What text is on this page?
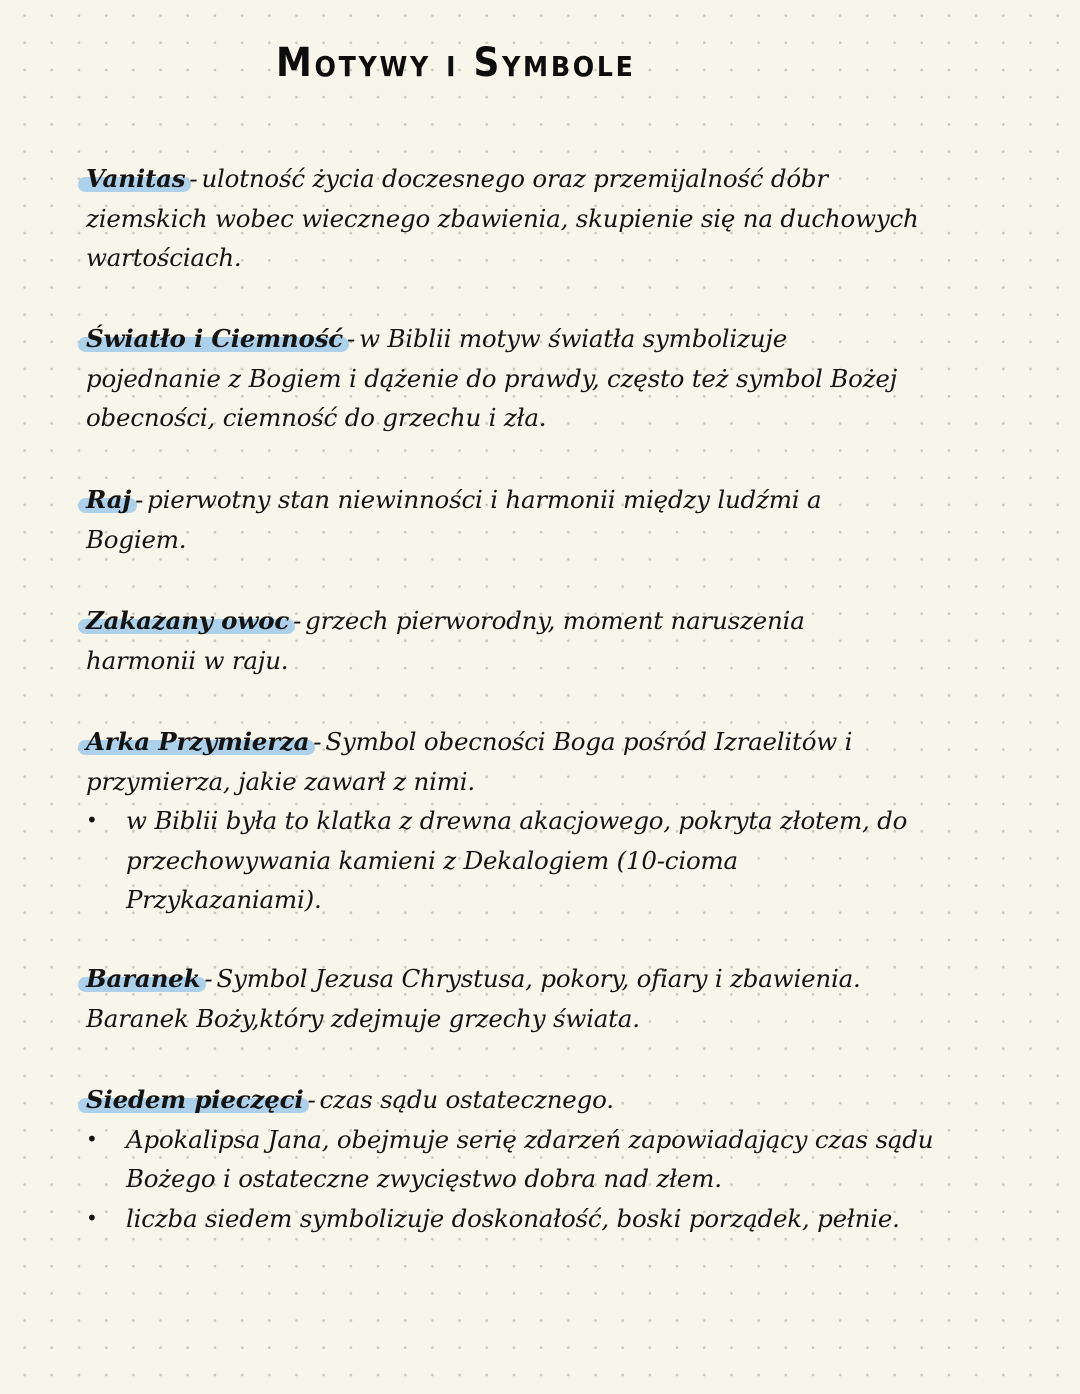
Motywy i Symbole
Vanitas - ulotność życia doczesnego oraz przemijalność dóbr
ziemskich wobec wiecznego zbawienia, skupienie się na duchowych
wartościach.
Światło i Ciemność - w Biblii motyw światła symbolizuje
pojednanie z Bogiem i dążenie do prawdy, często też symbol Bożej
obecności, ciemność do grzechu i zła.
Raj - pierwotny stan niewinności i harmonii między ludźmi a
Bogiem.
Zakazany owoc - grzech pierworodny, moment naruszenia
harmonii w raju.
Arka Przymierza - Symbol obecności Boga pośród Izraelitów i
przymierza, jakie zawarł z nimi.
• w Biblii była to klatka z drewna akacjowego, pokryta złotem, do
przechowywania kamieni z Dekalogiem (10-cioma
Przykazaniami).
Baranek - Symbol Jezusa Chrystusa, pokory, ofiary i zbawienia.
Baranek Boży,który zdejmuje grzechy świata.
Siedem pieczęci - czas sądu ostatecznego.
• Apokalipsa Jana, obejmuje serię zdarzeń zapowiadający czas sądu
Bożego i ostateczne zwycięstwo dobra nad złem.
• liczba siedem symbolizuje doskonałość, boski porządek, pełnie.
